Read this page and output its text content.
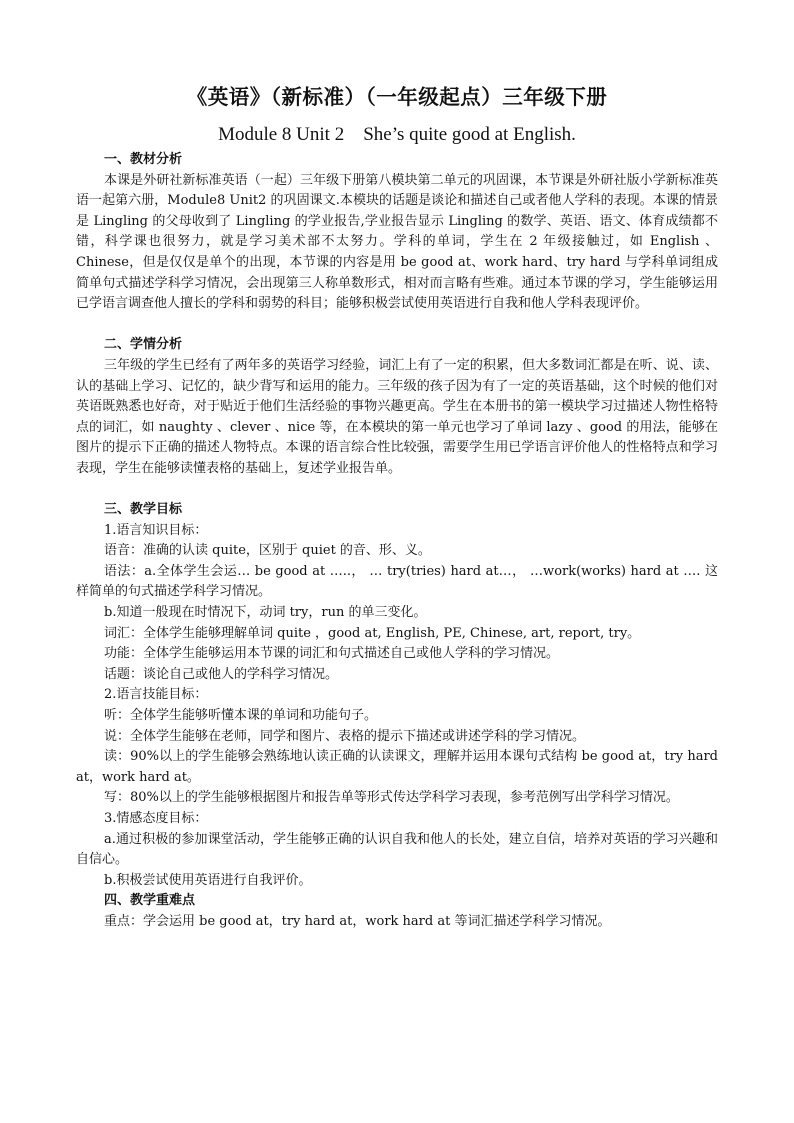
《英语》（新标准）（一年级起点）三年级下册
Module 8 Unit 2    She’s quite good at English.
一、教材分析
本课是外研社新标准英语（一起）三年级下册第八模块第二单元的巩固课，本节课是外研社版小学新标准英语一起第六册，Module8 Unit2 的巩固课文.本模块的话题是谈论和描述自己或者他人学科的表现。本课的情景是 Lingling 的父母收到了 Lingling 的学业报告,学业报告显示 Lingling 的数学、英语、语文、体育成绩都不错，科学课也很努力，就是学习美术部不太努力。学科的单词，学生在 2 年级接触过，如 English 、 Chinese，但是仅仅是单个的出现，本节课的内容是用 be good at、work hard、try hard 与学科单词组成简单句式描述学科学习情况，会出现第三人称单数形式，相对而言略有些难。通过本节课的学习，学生能够运用已学语言调查他人擅长的学科和弱势的科目；能够积极尝试使用英语进行自我和他人学科表现评价。
二、学情分析
三年级的学生已经有了两年多的英语学习经验，词汇上有了一定的积累，但大多数词汇都是在听、说、读、认的基础上学习、记忆的，缺少背写和运用的能力。三年级的孩子因为有了一定的英语基础，这个时候的他们对英语既熟悉也好奇，对于贴近于他们生活经验的事物兴趣更高。学生在本册书的第一模块学习过描述人物性格特点的词汇，如 naughty 、clever 、nice 等，在本模块的第一单元也学习了单词 lazy 、good 的用法，能够在图片的提示下正确的描述人物特点。本课的语言综合性比较强，需要学生用已学语言评价他人的性格特点和学习表现，学生在能够读懂表格的基础上，复述学业报告单。
三、教学目标
1.语言知识目标：
语音：准确的认读 quite，区别于 quiet 的音、形、义。
语法：a.全体学生会运… be good at …..， … try(tries) hard at…， …work(works) hard at …. 这样简单的句式描述学科学习情况。
b.知道一般现在时情况下，动词 try，run 的单三变化。
词汇：全体学生能够理解单词 quite ，good at, English, PE, Chinese, art, report, try。
功能：全体学生能够运用本节课的词汇和句式描述自己或他人学科的学习情况。
话题：谈论自己或他人的学科学习情况。
2.语言技能目标：
听：全体学生能够听懂本课的单词和功能句子。
说：全体学生能够在老师，同学和图片、表格的提示下描述或讲述学科的学习情况。
读：90%以上的学生能够会熟练地认读正确的认读课文，理解并运用本课句式结构 be good at，try hard at，work hard at。
写：80%以上的学生能够根据图片和报告单等形式传达学科学习表现，参考范例写出学科学习情况。
3.情感态度目标：
a.通过积极的参加课堂活动，学生能够正确的认识自我和他人的长处，建立自信，培养对英语的学习兴趣和自信心。
b.积极尝试使用英语进行自我评价。
四、教学重难点
重点：学会运用 be good at，try hard at，work hard at 等词汇描述学科学习情况。
